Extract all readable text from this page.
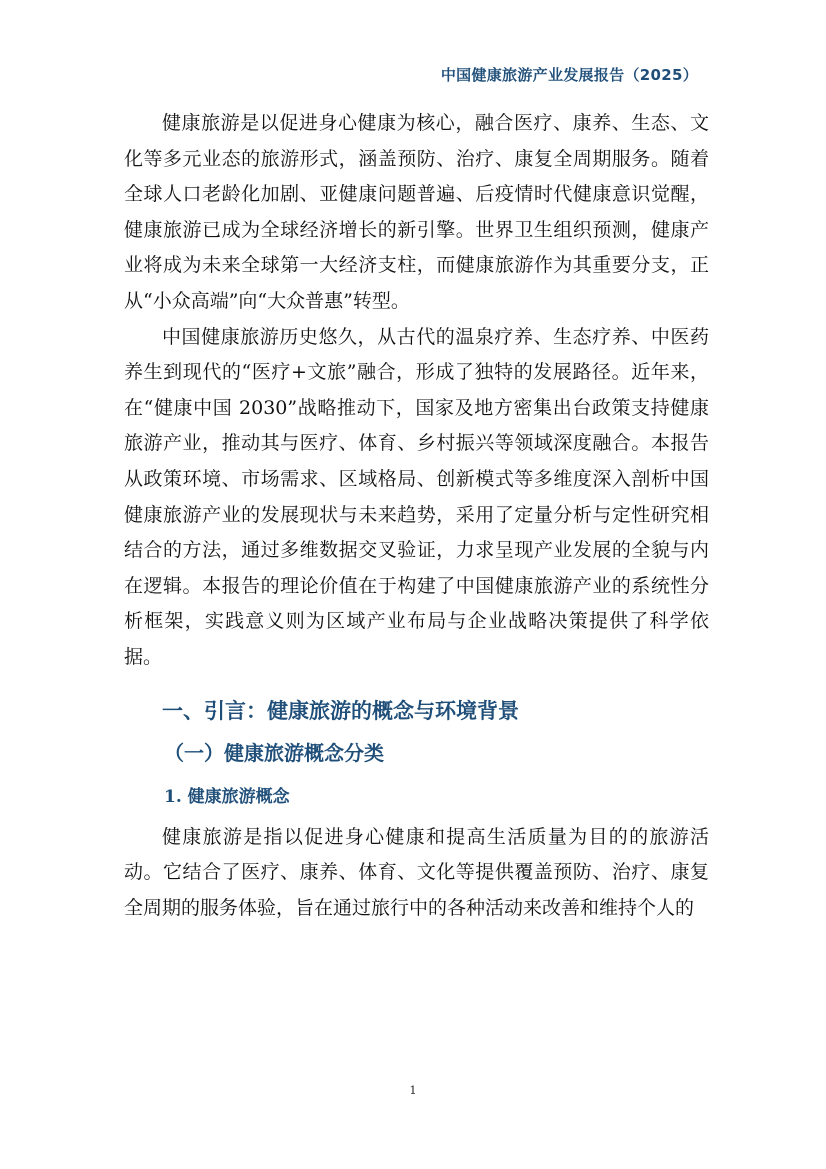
中国健康旅游产业发展报告（2025）

健康旅游是以促进身心健康为核心，融合医疗、康养、生态、文化等多元业态的旅游形式，涵盖预防、治疗、康复全周期服务。随着全球人口老龄化加剧、亚健康问题普遍、后疫情时代健康意识觉醒，健康旅游已成为全球经济增长的新引擎。世界卫生组织预测，健康产业将成为未来全球第一大经济支柱，而健康旅游作为其重要分支，正从“小众高端”向“大众普惠”转型。

中国健康旅游历史悠久，从古代的温泉疗养、生态疗养、中医药养生到现代的“医疗+文旅”融合，形成了独特的发展路径。近年来，在“健康中国 2030”战略推动下，国家及地方密集出台政策支持健康旅游产业，推动其与医疗、体育、乡村振兴等领域深度融合。本报告从政策环境、市场需求、区域格局、创新模式等多维度深入剖析中国健康旅游产业的发展现状与未来趋势，采用了定量分析与定性研究相结合的方法，通过多维数据交叉验证，力求呈现产业发展的全貌与内在逻辑。本报告的理论价值在于构建了中国健康旅游产业的系统性分析框架，实践意义则为区域产业布局与企业战略决策提供了科学依据。

一、引言：健康旅游的概念与环境背景
（一）健康旅游概念分类
1. 健康旅游概念

健康旅游是指以促进身心健康和提高生活质量为目的的旅游活动。它结合了医疗、康养、体育、文化等提供覆盖预防、治疗、康复全周期的服务体验，旨在通过旅行中的各种活动来改善和维持个人的

1
